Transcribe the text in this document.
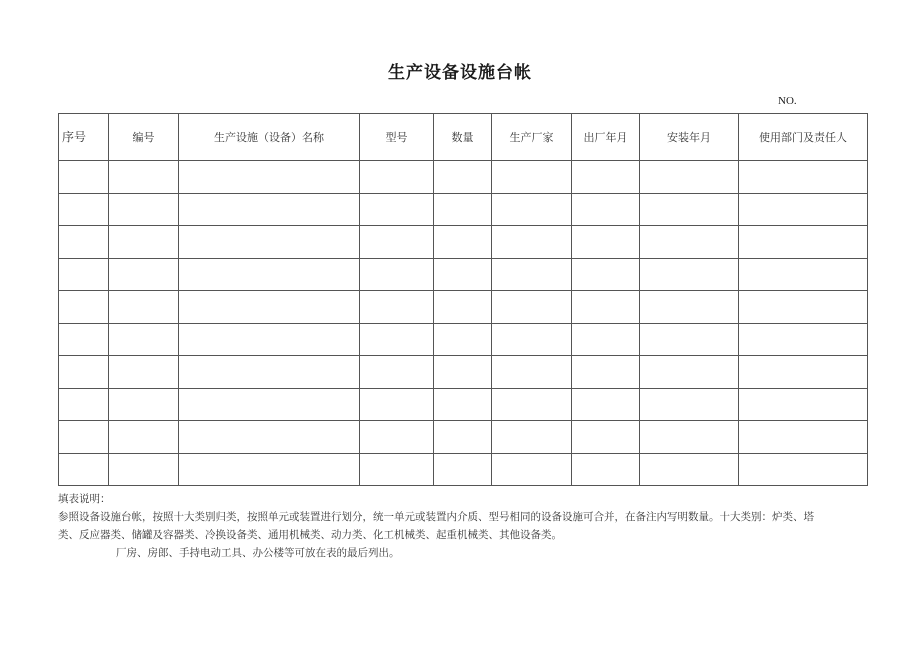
生产设备设施台帐
NO.
序号	编号	生产设施（设备）名称	型号	数量	生产厂家	出厂年月	安装年月	使用部门及责任人

填表说明：
参照设备设施台帐，按照十大类别归类，按照单元或装置进行划分，统一单元或装置内介质、型号相同的设备设施可合并，在备注内写明数量。十大类别：炉类、塔
类、反应器类、储罐及容器类、冷换设备类、通用机械类、动力类、化工机械类、起重机械类、其他设备类。
厂房、房郎、手持电动工具、办公楼等可放在表的最后列出。
